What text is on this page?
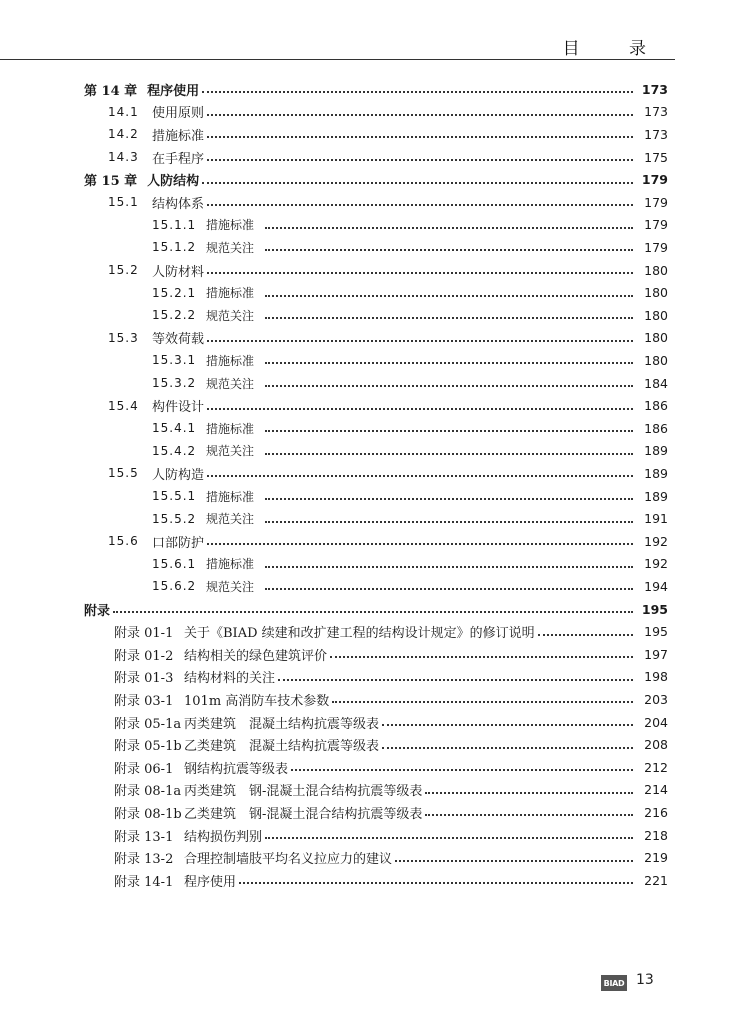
目 录
第 14 章 程序使用	173
14.1 使用原则	173
14.2 措施标准	173
14.3 在手程序	175
第 15 章 人防结构	179
15.1 结构体系	179
15.1.1 措施标准	179
15.1.2 规范关注	179
15.2 人防材料	180
15.2.1 措施标准	180
15.2.2 规范关注	180
15.3 等效荷载	180
15.3.1 措施标准	180
15.3.2 规范关注	184
15.4 构件设计	186
15.4.1 措施标准	186
15.4.2 规范关注	189
15.5 人防构造	189
15.5.1 措施标准	189
15.5.2 规范关注	191
15.6 口部防护	192
15.6.1 措施标准	192
15.6.2 规范关注	194
附录	195
附录 01-1 关于《BIAD 续建和改扩建工程的结构设计规定》的修订说明	195
附录 01-2 结构相关的绿色建筑评价	197
附录 01-3 结构材料的关注	198
附录 03-1 101m 高消防车技术参数	203
附录 05-1a 丙类建筑　混凝土结构抗震等级表	204
附录 05-1b 乙类建筑　混凝土结构抗震等级表	208
附录 06-1 钢结构抗震等级表	212
附录 08-1a 丙类建筑　钢-混凝土混合结构抗震等级表	214
附录 08-1b 乙类建筑　钢-混凝土混合结构抗震等级表	216
附录 13-1 结构损伤判别	218
附录 13-2 合理控制墙肢平均名义拉应力的建议	219
附录 14-1 程序使用	221
BIAD 13
